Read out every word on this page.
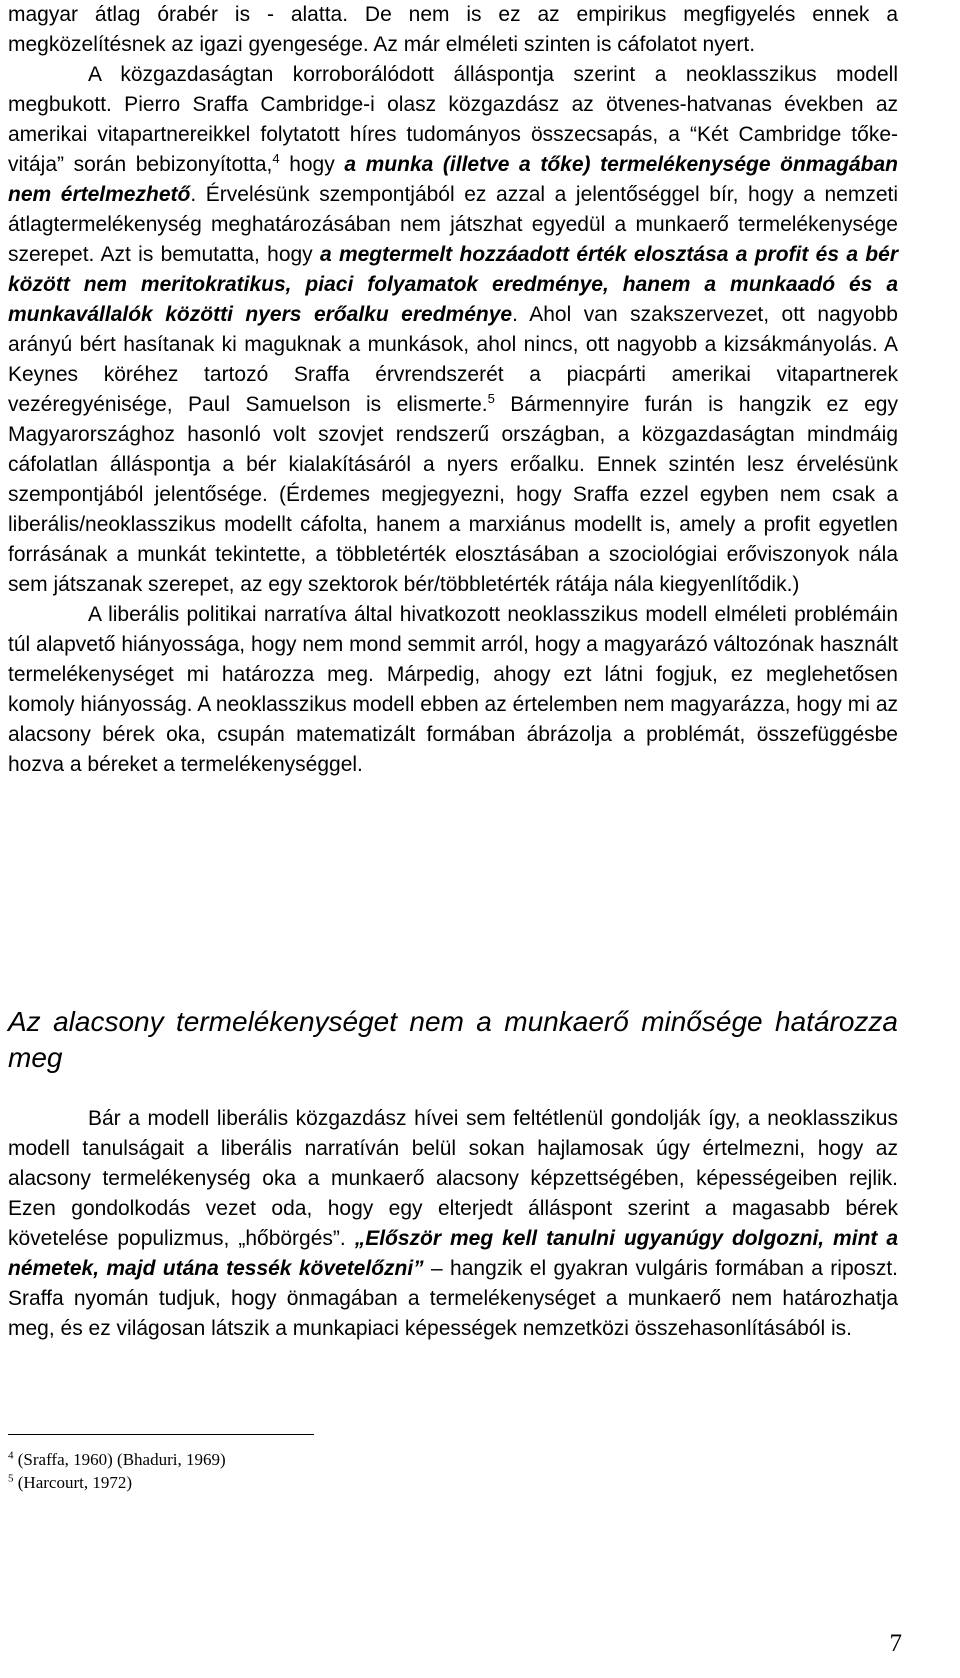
magyar átlag órabér is - alatta. De nem is ez az empirikus megfigyelés ennek a megközelítésnek az igazi gyengesége. Az már elméleti szinten is cáfolatot nyert.

A közgazdaságtan korroborálódott álláspontja szerint a neoklasszikus modell megbukott. Pierro Sraffa Cambridge-i olasz közgazdász az ötvenes-hatvanas években az amerikai vitapartnereikkel folytatott híres tudományos összecsapás, a “Két Cambridge tőke-vitája” során bebizonyította,$^4$ hogy a munka (illetve a tőke) termelékenysége önmagában nem értelmezhető. Érvelésünk szempontjából ez azzal a jelentőséggel bír, hogy a nemzeti átlagtermelékenység meghatározásában nem játszhat egyedül a munkaerő termelékenysége szerepet. Azt is bemutatta, hogy a megtermelt hozzáadott érték elosztása a profit és a bér között nem meritokratikus, piaci folyamatok eredménye, hanem a munkaadó és a munkavállalók közötti nyers erőalku eredménye. Ahol van szakszervezet, ott nagyobb arányú bért hasítanak ki maguknak a munkások, ahol nincs, ott nagyobb a kizsákmányolás. A Keynes köréhez tartozó Sraffa érvrendszerét a piacpárti amerikai vitapartnerek vezéregyénisége, Paul Samuelson is elismerte.$^5$ Bármennyire furán is hangzik ez egy Magyarországhoz hasonló volt szovjet rendszerű országban, a közgazdaságtan mindmáig cáfolatlan álláspontja a bér kialakításáról a nyers erőalku. Ennek szintén lesz érvelésünk szempontjából jelentősége. (Érdemes megjegyezni, hogy Sraffa ezzel egyben nem csak a liberális/neoklasszikus modellt cáfolta, hanem a marxiánus modellt is, amely a profit egyetlen forrásának a munkát tekintette, a többletérték elosztásában a szociológiai erőviszonyok nála sem játszanak szerepet, az egy szektorok bér/többletérték rátája nála kiegyenlítődik.)

A liberális politikai narratíva által hivatkozott neoklasszikus modell elméleti problémáin túl alapvető hiányossága, hogy nem mond semmit arról, hogy a magyarázó változónak használt termelékenységet mi határozza meg. Márpedig, ahogy ezt látni fogjuk, ez meglehetősen komoly hiányosság. A neoklasszikus modell ebben az értelemben nem magyarázza, hogy mi az alacsony bérek oka, csupán matematizált formában ábrázolja a problémát, összefüggésbe hozva a béreket a termelékenységgel.

Az alacsony termelékenységet nem a munkaerő minősége határozza meg

Bár a modell liberális közgazdász hívei sem feltétlenül gondolják így, a neoklasszikus modell tanulságait a liberális narratíván belül sokan hajlamosak úgy értelmezni, hogy az alacsony termelékenység oka a munkaerő alacsony képzettségében, képességeiben rejlik. Ezen gondolkodás vezet oda, hogy egy elterjedt álláspont szerint a magasabb bérek követelése populizmus, „hőbörgés”. „Először meg kell tanulni ugyanúgy dolgozni, mint a németek, majd utána tessék követelőzni” – hangzik el gyakran vulgáris formában a riposzt. Sraffa nyomán tudjuk, hogy önmagában a termelékenységet a munkaerő nem határozhatja meg, és ez világosan látszik a munkapiaci képességek nemzetközi összehasonlításából is.

$^4$ (Sraffa, 1960) (Bhaduri, 1969)

$^5$ (Harcourt, 1972)

7
